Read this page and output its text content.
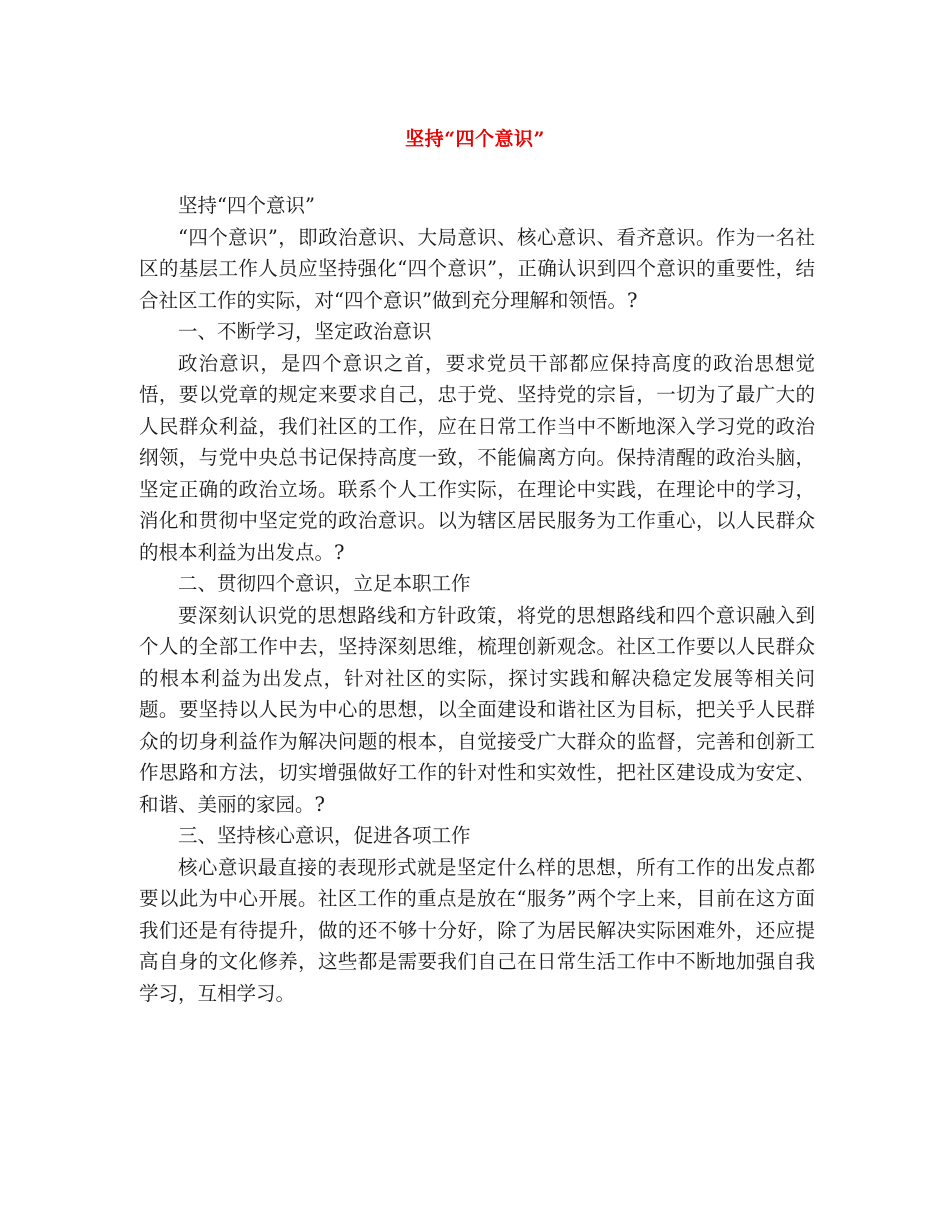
坚持“四个意识”

坚持“四个意识”

“四个意识”，即政治意识、大局意识、核心意识、看齐意识。作为一名社区的基层工作人员应坚持强化“四个意识”，正确认识到四个意识的重要性，结合社区工作的实际，对“四个意识”做到充分理解和领悟。?

一、不断学习，坚定政治意识

政治意识，是四个意识之首，要求党员干部都应保持高度的政治思想觉悟，要以党章的规定来要求自己，忠于党、坚持党的宗旨，一切为了最广大的人民群众利益，我们社区的工作，应在日常工作当中不断地深入学习党的政治纲领，与党中央总书记保持高度一致，不能偏离方向。保持清醒的政治头脑，坚定正确的政治立场。联系个人工作实际，在理论中实践，在理论中的学习，消化和贯彻中坚定党的政治意识。以为辖区居民服务为工作重心，以人民群众的根本利益为出发点。?

二、贯彻四个意识，立足本职工作

要深刻认识党的思想路线和方针政策，将党的思想路线和四个意识融入到个人的全部工作中去，坚持深刻思维，梳理创新观念。社区工作要以人民群众的根本利益为出发点，针对社区的实际，探讨实践和解决稳定发展等相关问题。要坚持以人民为中心的思想，以全面建设和谐社区为目标，把关乎人民群众的切身利益作为解决问题的根本，自觉接受广大群众的监督，完善和创新工作思路和方法，切实增强做好工作的针对性和实效性，把社区建设成为安定、和谐、美丽的家园。?

三、坚持核心意识，促进各项工作

核心意识最直接的表现形式就是坚定什么样的思想，所有工作的出发点都要以此为中心开展。社区工作的重点是放在“服务”两个字上来，目前在这方面我们还是有待提升，做的还不够十分好，除了为居民解决实际困难外，还应提高自身的文化修养，这些都是需要我们自己在日常生活工作中不断地加强自我学习，互相学习。
